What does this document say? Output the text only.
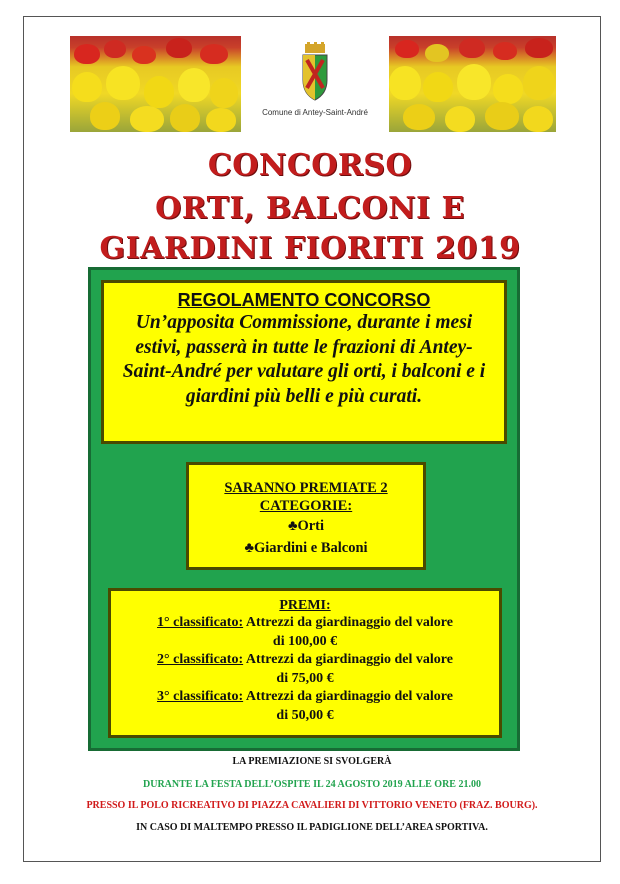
Comune di Antey-Saint-André
CONCORSO
ORTI, BALCONI E
GIARDINI FIORITI 2019
REGOLAMENTO CONCORSO
Un’apposita Commissione, durante i mesi estivi, passerà in tutte le frazioni di Antey-Saint-André per valutare gli orti, i balconi e i giardini più belli e più curati.
SARANNO PREMIATE 2
CATEGORIE:
♣Orti
♣Giardini e Balconi
PREMI:
1° classificato: Attrezzi da giardinaggio del valore
di 100,00 €
2° classificato: Attrezzi da giardinaggio del valore
di 75,00 €
3° classificato: Attrezzi da giardinaggio del valore
di 50,00 €
LA PREMIAZIONE SI SVOLGERÀ
DURANTE LA FESTA DELL’OSPITE IL 24 AGOSTO 2019 ALLE ORE 21.00
PRESSO IL POLO RICREATIVO DI PIAZZA CAVALIERI DI VITTORIO VENETO (FRAZ. BOURG).
IN CASO DI MALTEMPO PRESSO IL PADIGLIONE DELL’AREA SPORTIVA.
